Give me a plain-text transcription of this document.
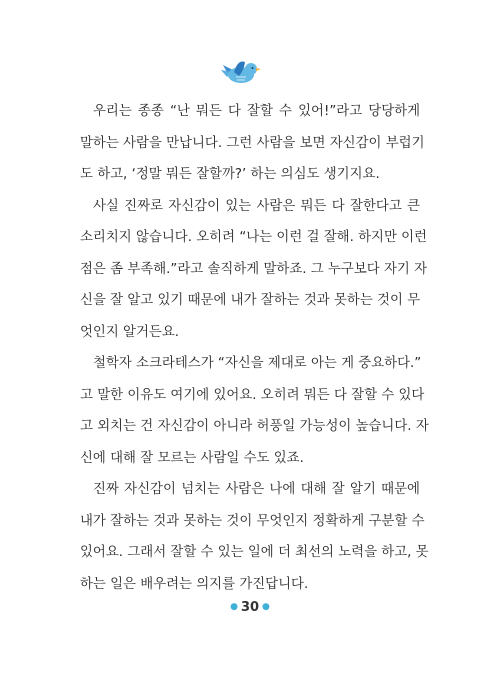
우리는 종종 “난 뭐든 다 잘할 수 있어!”라고 당당하게
말하는 사람을 만납니다. 그런 사람을 보면 자신감이 부럽기
도 하고, ‘정말 뭐든 잘할까?’ 하는 의심도 생기지요.
사실 진짜로 자신감이 있는 사람은 뭐든 다 잘한다고 큰
소리치지 않습니다. 오히려 “나는 이런 걸 잘해. 하지만 이런
점은 좀 부족해.”라고 솔직하게 말하죠. 그 누구보다 자기 자
신을 잘 알고 있기 때문에 내가 잘하는 것과 못하는 것이 무
엇인지 알거든요.
철학자 소크라테스가 “자신을 제대로 아는 게 중요하다.”
고 말한 이유도 여기에 있어요. 오히려 뭐든 다 잘할 수 있다
고 외치는 건 자신감이 아니라 허풍일 가능성이 높습니다. 자
신에 대해 잘 모르는 사람일 수도 있죠.
진짜 자신감이 넘치는 사람은 나에 대해 잘 알기 때문에
내가 잘하는 것과 못하는 것이 무엇인지 정확하게 구분할 수
있어요. 그래서 잘할 수 있는 일에 더 최선의 노력을 하고, 못
하는 일은 배우려는 의지를 가진답니다.
● 30 ●
